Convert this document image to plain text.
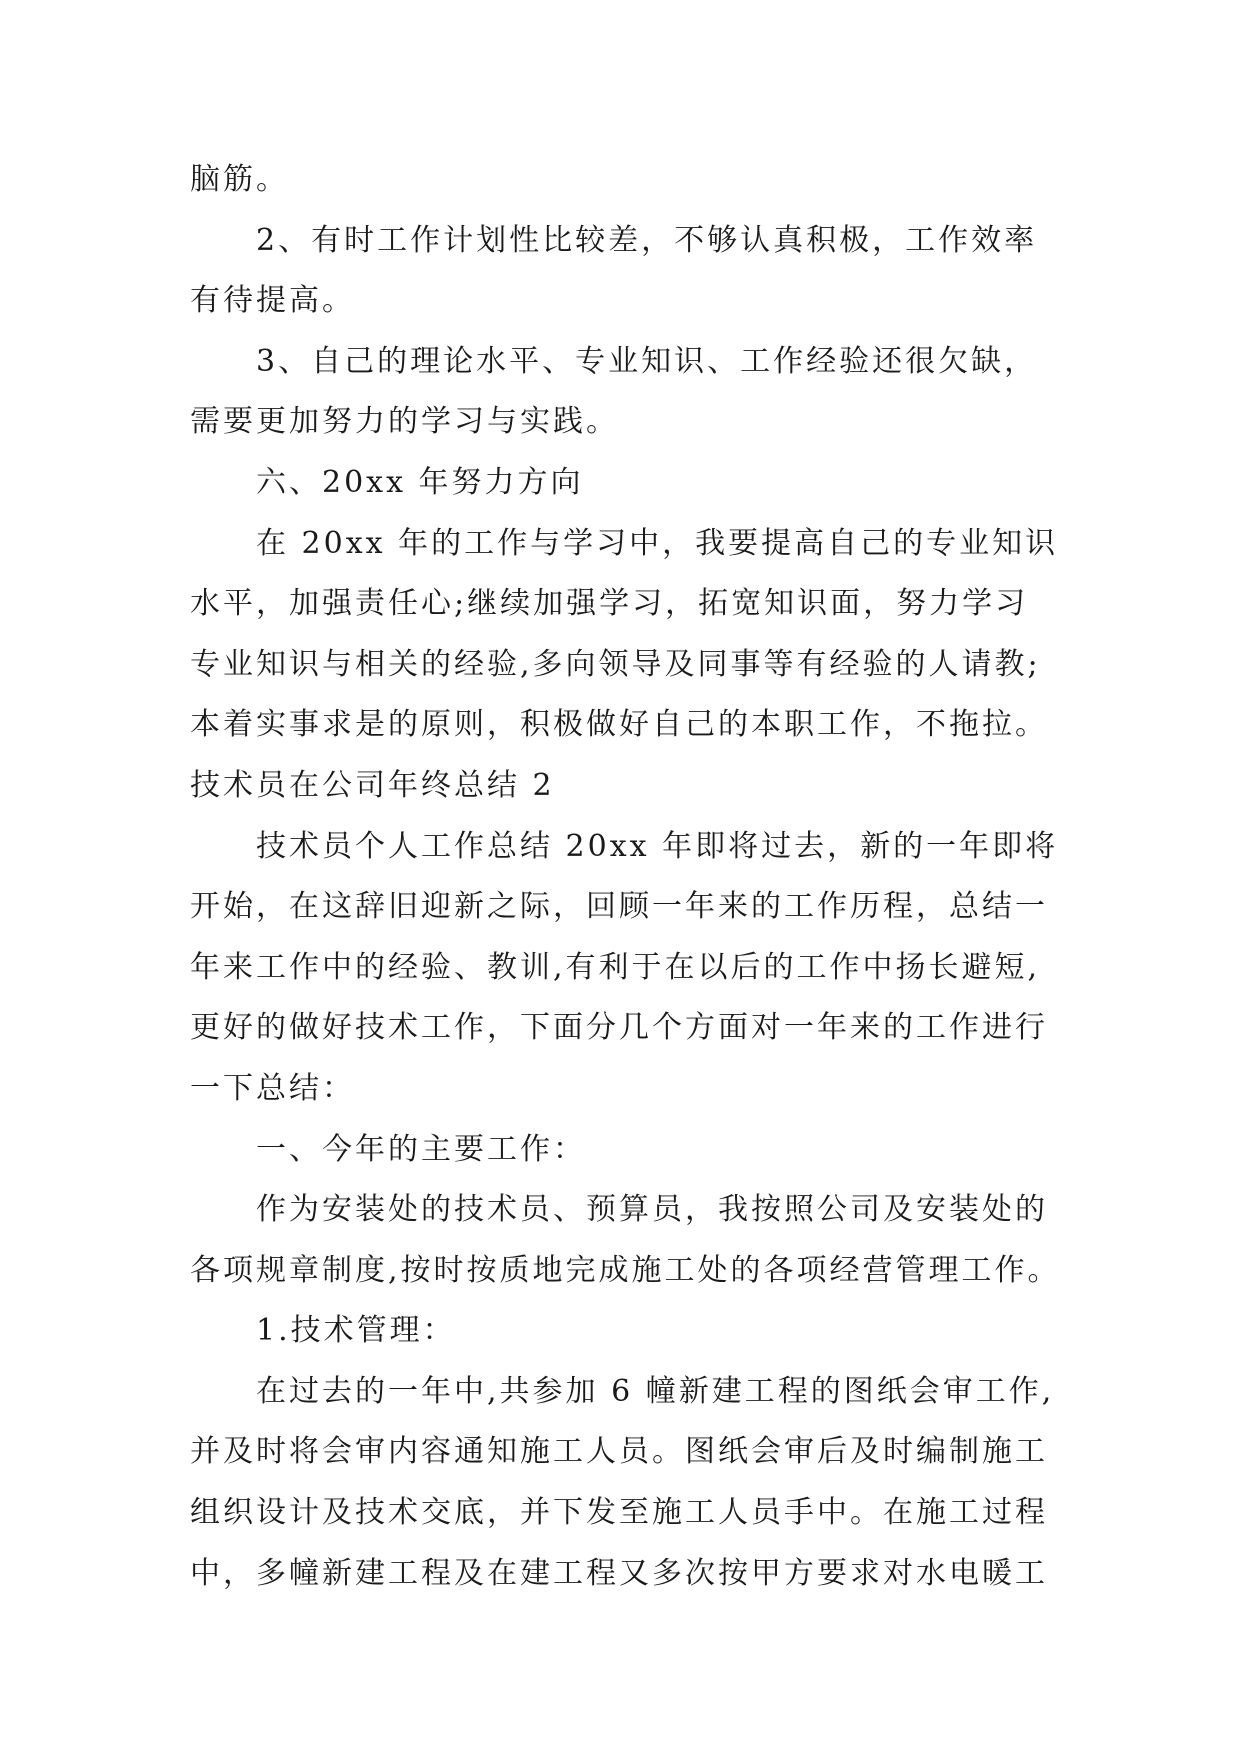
脑筋。
2、有时工作计划性比较差，不够认真积极，工作效率
有待提高。
3、自己的理论水平、专业知识、工作经验还很欠缺，
需要更加努力的学习与实践。
六、20xx 年努力方向
在 20xx 年的工作与学习中，我要提高自己的专业知识
水平，加强责任心;继续加强学习，拓宽知识面，努力学习
专业知识与相关的经验,多向领导及同事等有经验的人请教;
本着实事求是的原则，积极做好自己的本职工作，不拖拉。
技术员在公司年终总结 2
技术员个人工作总结 20xx 年即将过去，新的一年即将
开始，在这辞旧迎新之际，回顾一年来的工作历程，总结一
年来工作中的经验、教训,有利于在以后的工作中扬长避短,
更好的做好技术工作，下面分几个方面对一年来的工作进行
一下总结：
一、今年的主要工作：
作为安装处的技术员、预算员，我按照公司及安装处的
各项规章制度,按时按质地完成施工处的各项经营管理工作。
1.技术管理：
在过去的一年中,共参加 6 幢新建工程的图纸会审工作,
并及时将会审内容通知施工人员。图纸会审后及时编制施工
组织设计及技术交底，并下发至施工人员手中。在施工过程
中，多幢新建工程及在建工程又多次按甲方要求对水电暖工
